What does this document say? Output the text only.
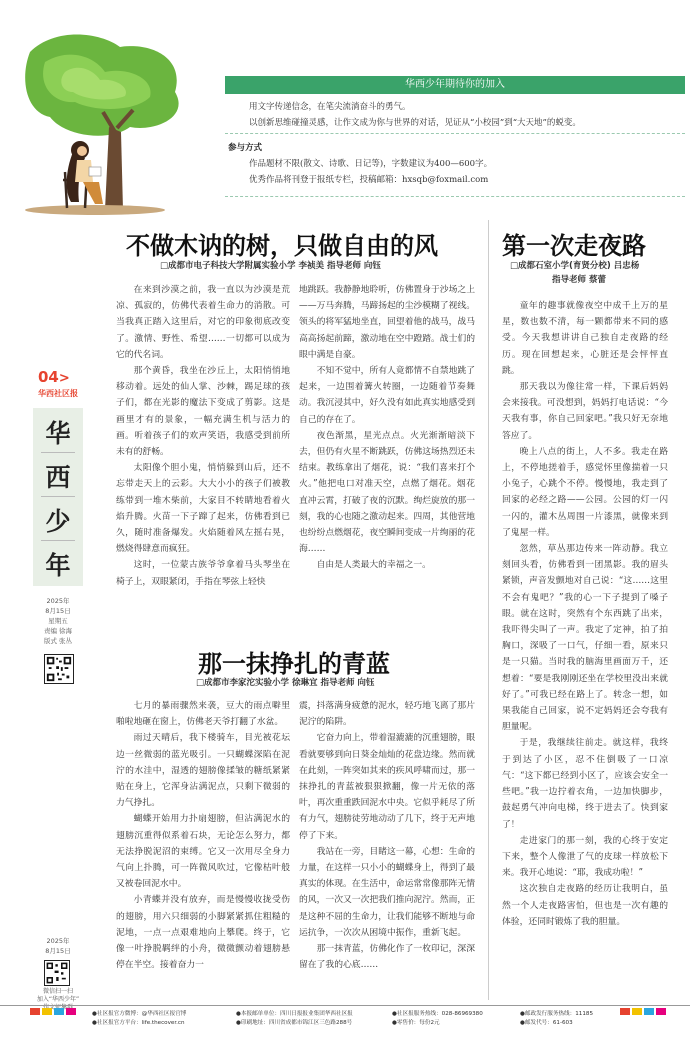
华西少年期待你的加入
用文字传递信念，在笔尖流淌奋斗的勇气。
以创新思维碰撞灵感，让作文成为你与世界的对话，见证从“小校园”到“大天地”的蜕变。
参与方式
作品题材不限(散文、诗歌、日记等)，字数建议为400—600字。
优秀作品将刊登于报纸专栏，投稿邮箱：hxsqb@foxmail.com
04>
华西社区报
华
西
少
年
2025年
8月15日
星期五
责编 徐海
版式 张丛
2025年
8月15日
微信扫一扫
加入“华西少年”
不做木讷的树，只做自由的风
□成都市电子科技大学附属实验小学 李祯美 指导老师 向钰

在来到沙漠之前，我一直以为沙漠是荒凉、孤寂的，仿佛代表着生命力的消散。可当我真正踏入这里后，对它的印象彻底改变了。激情、野性、希望……一切都可以成为它的代名词。

那个黄昏，我坐在沙丘上，太阳悄悄地移动着。远处的仙人掌、沙棘，踢足球的孩子们，都在光影的魔法下变成了剪影。这是画里才有的景象，一幅充满生机与活力的画。听着孩子们的欢声笑语，我感受到前所未有的舒畅。

太阳像个胆小鬼，悄悄躲到山后，还不忘带走天上的云彩。大大小小的孩子们被教练带到一堆木柴前，大家目不转睛地看着火焰升腾。火苗一下子蹿了起来，仿佛看到已久，随时准备爆发。火焰随着风左摇右晃，燃烧得肆意而疯狂。

这时，一位蒙古族爷爷拿着马头琴坐在椅子上，双眼紧闭，手指在琴弦上轻快

地跳跃。我静静地聆听，仿佛置身于沙场之上——万马奔腾，马蹄扬起的尘沙模糊了视线。领头的将军猛地坐直，回望着他的战马，战马高高扬起前蹄，激动地在空中蹬踏。战士们的眼中满是自豪。

不知不觉中，所有人竟都情不自禁地跳了起来，一边围着篝火转圈，一边随着节奏舞动。我沉浸其中，好久没有如此真实地感受到自己的存在了。

夜色渐黑，星光点点。火光渐渐暗淡下去，但仍有火星不断跳跃，仿佛这场热烈还未结束。教练拿出了烟花，说：“我们喜来打个火。”他把电口对准天空，点燃了烟花。烟花直冲云霄，打破了夜的沉默。绚烂旋放的那一刻，我的心也随之激动起来。四周，其他营地也纷纷点燃烟花，夜空瞬间变成一片绚丽的花海……

自由是人类最大的幸福之一。

那一抹挣扎的青蓝
□成都市李家沱实验小学 徐琳宜 指导老师 向钰

七月的暴雨骤然来袭，豆大的雨点噼里啪啦地砸在窗上，仿佛老天爷打翻了水盆。

雨过天晴后，我下楼骑车，目光被花坛边一丝微弱的蓝光吸引。一只蝴蝶深陷在泥泞的水洼中，湿透的翅膀像揉皱的糖纸紧紧贴在身上，它浑身沾满泥点，只剩下微弱的力气挣扎。

蝴蝶开始用力扑扇翅膀，但沾满泥水的翅膀沉重得似系着石块，无论怎么努力，都无法挣脱泥沼的束缚。它又一次用尽全身力气向上扑腾，可一阵微风吹过，它像枯叶般又被卷回泥水中。

小青蝶并没有放弃，而是慢慢收拢受伤的翅膀，用六只细弱的小脚紧紧抓住粗糙的泥地，一点一点艰难地向上攀爬。终于，它像一叶挣脱羁绊的小舟，微微颤动着翅膀悬停在半空。接着奋力一

震，抖落满身疲惫的泥水，轻巧地飞离了那片泥泞的陷阱。

它奋力向上，带着湿漉漉的沉重翅膀，眼看就要够到向日葵金灿灿的花盘边缘。然而就在此刻，一阵突如其来的疾风呼啸而过，那一抹挣扎的青蓝被狠狠掀翻，像一片无依的落叶，再次重重跌回泥水中央。它似乎耗尽了所有力气，翅膀徒劳地动动了几下，终于无声地停了下来。

我站在一旁，目睹这一幕，心想：生命的力量，在这样一只小小的蝴蝶身上，得到了最真实的体现。在生活中，命运常常像那阵无情的风，一次又一次把我们推向泥泞。然而，正是这种不屈的生命力，让我们能够不断地与命运抗争，一次次从困境中振作，重新飞起。

那一抹青蓝，仿佛化作了一枚印记，深深留在了我的心底……

第一次走夜路
□成都石室小学(育贤分校) 吕忠杨
指导老师 蔡蕾

童年的趣事就像夜空中成千上万的星星，数也数不清，每一颗都带来不同的感受。今天我想讲讲自己独自走夜路的经历。现在回想起来，心脏还是会怦怦直跳。

那天我以为像往常一样，下课后妈妈会来接我。可没想到，妈妈打电话说：“今天我有事，你自己回家吧。”我只好无奈地答应了。

晚上八点的街上，人不多。我走在路上，不停地搓着手，感觉怀里像揣着一只小兔子，心跳个不停。慢慢地，我走到了回家的必经之路——公园。公园的灯一闪一闪的，灌木丛周围一片漆黑，就像来到了鬼屋一样。

忽然，草丛那边传来一阵动静。我立刻回头看，仿佛看到一团黑影。我的眉头紧锁，声音发颤地对自己说：“这……这里不会有鬼吧？”我的心一下子提到了嗓子眼。就在这时，突然有个东西跳了出来，我吓得尖叫了一声。我定了定神，拍了拍胸口，深吸了一口气，仔细一看，原来只是一只猫。当时我的脑海里画面万千，还想着：“要是我刚刚还坐在学校里没出来就好了。”可我已经在路上了。转念一想，如果我能自己回家，说不定妈妈还会夸我有胆量呢。

于是，我继续往前走。就这样，我终于到达了小区，忍不住倒吸了一口凉气：“这下都已经到小区了，应该会安全一些吧。”我一边拧着衣角，一边加快脚步，鼓起勇气冲向电梯，终于进去了。快到家了！

走进家门的那一刻，我的心终于安定下来，整个人像泄了气的皮球一样放松下来。我开心地说：“耶，我成功啦！”

这次独自走夜路的经历让我明白，虽然一个人走夜路害怕，但也是一次有趣的体验，还同时锻炼了我的胆量。

●社区报官方微博：@华西社区报官博
●社区报官方平台：life.thecover.cn
●本报邮单单位：四川日报报业集团华西社区报
●印刷地址：四川省成都市锦江区三色路288号
●社区报服务热线：028-86969380
●零售价：每份2元
●邮政发行服务热线：11185
●邮发代号：61-603
